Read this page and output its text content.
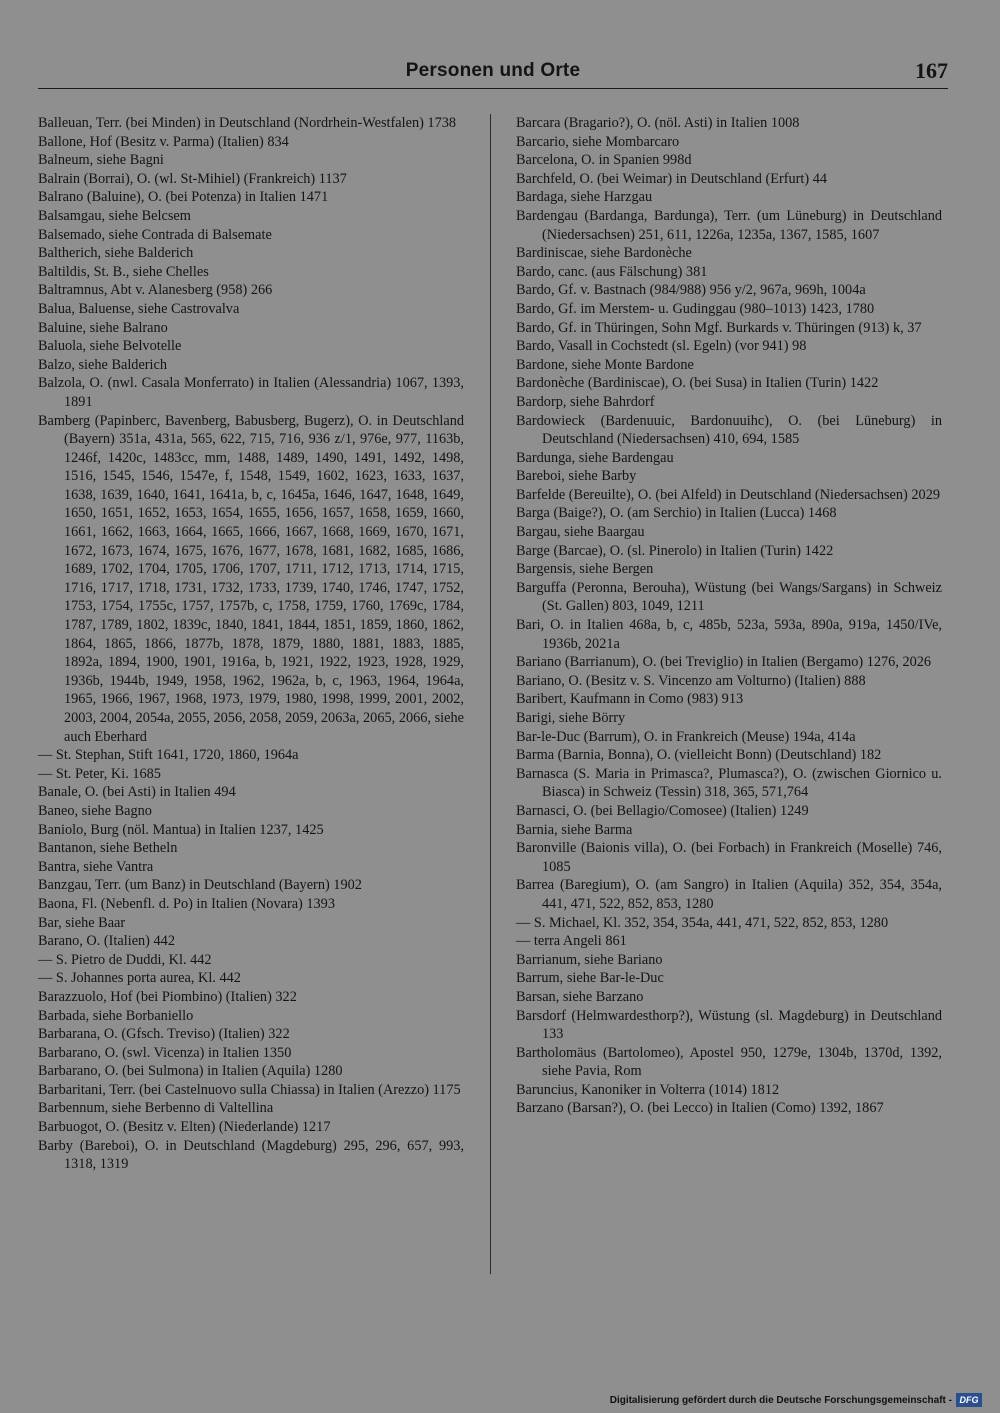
Personen und Orte	167

Balleuan, Terr. (bei Minden) in Deutschland (Nordrhein-Westfalen) 1738

Ballone, Hof (Besitz v. Parma) (Italien) 834

Balneum, siehe Bagni

Balrain (Borrai), O. (wl. St-Mihiel) (Frankreich) 1137

Balrano (Baluine), O. (bei Potenza) in Italien 1471

Balsamgau, siehe Belcsem

Balsemado, siehe Contrada di Balsemate

Baltherich, siehe Balderich

Baltildis, St. B., siehe Chelles

Baltramnus, Abt v. Alanesberg (958) 266

Balua, Baluense, siehe Castrovalva

Baluine, siehe Balrano

Baluola, siehe Belvotelle

Balzo, siehe Balderich

Balzola, O. (nwl. Casala Monferrato) in Italien (Alessandria) 1067, 1393, 1891

Bamberg (Papinberc, Bavenberg, Babusberg, Bugerz), O. in Deutschland (Bayern) 351a, 431a, 565, 622, 715, 716, 936 z/1, 976e, 977, 1163b, 1246f, 1420c, 1483cc, mm, 1488, 1489, 1490, 1491, 1492, 1498, 1516, 1545, 1546, 1547e, f, 1548, 1549, 1602, 1623, 1633, 1637, 1638, 1639, 1640, 1641, 1641a, b, c, 1645a, 1646, 1647, 1648, 1649, 1650, 1651, 1652, 1653, 1654, 1655, 1656, 1657, 1658, 1659, 1660, 1661, 1662, 1663, 1664, 1665, 1666, 1667, 1668, 1669, 1670, 1671, 1672, 1673, 1674, 1675, 1676, 1677, 1678, 1681, 1682, 1685, 1686, 1689, 1702, 1704, 1705, 1706, 1707, 1711, 1712, 1713, 1714, 1715, 1716, 1717, 1718, 1731, 1732, 1733, 1739, 1740, 1746, 1747, 1752, 1753, 1754, 1755c, 1757, 1757b, c, 1758, 1759, 1760, 1769c, 1784, 1787, 1789, 1802, 1839c, 1840, 1841, 1844, 1851, 1859, 1860, 1862, 1864, 1865, 1866, 1877b, 1878, 1879, 1880, 1881, 1883, 1885, 1892a, 1894, 1900, 1901, 1916a, b, 1921, 1922, 1923, 1928, 1929, 1936b, 1944b, 1949, 1958, 1962, 1962a, b, c, 1963, 1964, 1964a, 1965, 1966, 1967, 1968, 1973, 1979, 1980, 1998, 1999, 2001, 2002, 2003, 2004, 2054a, 2055, 2056, 2058, 2059, 2063a, 2065, 2066, siehe auch Eberhard

— St. Stephan, Stift 1641, 1720, 1860, 1964a

— St. Peter, Ki. 1685

Banale, O. (bei Asti) in Italien 494

Baneo, siehe Bagno

Baniolo, Burg (nöl. Mantua) in Italien 1237, 1425

Bantanon, siehe Betheln

Bantra, siehe Vantra

Banzgau, Terr. (um Banz) in Deutschland (Bayern) 1902

Baona, Fl. (Nebenfl. d. Po) in Italien (Novara) 1393

Bar, siehe Baar

Barano, O. (Italien) 442

— S. Pietro de Duddi, Kl. 442

— S. Johannes porta aurea, Kl. 442

Barazzuolo, Hof (bei Piombino) (Italien) 322

Barbada, siehe Borbaniello

Barbarana, O. (Gfsch. Treviso) (Italien) 322

Barbarano, O. (swl. Vicenza) in Italien 1350

Barbarano, O. (bei Sulmona) in Italien (Aquila) 1280

Barbaritani, Terr. (bei Castelnuovo sulla Chiassa) in Italien (Arezzo) 1175

Barbennum, siehe Berbenno di Valtellina

Barbuogot, O. (Besitz v. Elten) (Niederlande) 1217

Barby (Bareboi), O. in Deutschland (Magdeburg) 295, 296, 657, 993, 1318, 1319

Barcara (Bragario?), O. (nöl. Asti) in Italien 1008

Barcario, siehe Mombarcaro

Barcelona, O. in Spanien 998d

Barchfeld, O. (bei Weimar) in Deutschland (Erfurt) 44

Bardaga, siehe Harzgau

Bardengau (Bardanga, Bardunga), Terr. (um Lüneburg) in Deutschland (Niedersachsen) 251, 611, 1226a, 1235a, 1367, 1585, 1607

Bardiniscae, siehe Bardonèche

Bardo, canc. (aus Fälschung) 381

Bardo, Gf. v. Bastnach (984/988) 956 y/2, 967a, 969h, 1004a

Bardo, Gf. im Merstem- u. Gudinggau (980–1013) 1423, 1780

Bardo, Gf. in Thüringen, Sohn Mgf. Burkards v. Thüringen (913) k, 37

Bardo, Vasall in Cochstedt (sl. Egeln) (vor 941) 98

Bardone, siehe Monte Bardone

Bardonèche (Bardiniscae), O. (bei Susa) in Italien (Turin) 1422

Bardorp, siehe Bahrdorf

Bardowieck (Bardenuuic, Bardonuuihc), O. (bei Lüneburg) in Deutschland (Niedersachsen) 410, 694, 1585

Bardunga, siehe Bardengau

Bareboi, siehe Barby

Barfelde (Bereuilte), O. (bei Alfeld) in Deutschland (Niedersachsen) 2029

Barga (Baige?), O. (am Serchio) in Italien (Lucca) 1468

Bargau, siehe Baargau

Barge (Barcae), O. (sl. Pinerolo) in Italien (Turin) 1422

Bargensis, siehe Bergen

Barguffa (Peronna, Berouha), Wüstung (bei Wangs/Sargans) in Schweiz (St. Gallen) 803, 1049, 1211

Bari, O. in Italien 468a, b, c, 485b, 523a, 593a, 890a, 919a, 1450/IVe, 1936b, 2021a

Bariano (Barrianum), O. (bei Treviglio) in Italien (Bergamo) 1276, 2026

Bariano, O. (Besitz v. S. Vincenzo am Volturno) (Italien) 888

Baribert, Kaufmann in Como (983) 913

Barigi, siehe Börry

Bar-le-Duc (Barrum), O. in Frankreich (Meuse) 194a, 414a

Barma (Barnia, Bonna), O. (vielleicht Bonn) (Deutschland) 182

Barnasca (S. Maria in Primasca?, Plumasca?), O. (zwischen Giornico u. Biasca) in Schweiz (Tessin) 318, 365, 571,764

Barnasci, O. (bei Bellagio/Comosee) (Italien) 1249

Barnia, siehe Barma

Baronville (Baionis villa), O. (bei Forbach) in Frankreich (Moselle) 746, 1085

Barrea (Baregium), O. (am Sangro) in Italien (Aquila) 352, 354, 354a, 441, 471, 522, 852, 853, 1280

— S. Michael, Kl. 352, 354, 354a, 441, 471, 522, 852, 853, 1280

— terra Angeli 861

Barrianum, siehe Bariano

Barrum, siehe Bar-le-Duc

Barsan, siehe Barzano

Barsdorf (Helmwardesthorp?), Wüstung (sl. Magdeburg) in Deutschland 133

Bartholomäus (Bartolomeo), Apostel 950, 1279e, 1304b, 1370d, 1392, siehe Pavia, Rom

Baruncius, Kanoniker in Volterra (1014) 1812

Barzano (Barsan?), O. (bei Lecco) in Italien (Como) 1392, 1867

Digitalisierung gefördert durch die Deutsche Forschungsgemeinschaft - DFG
